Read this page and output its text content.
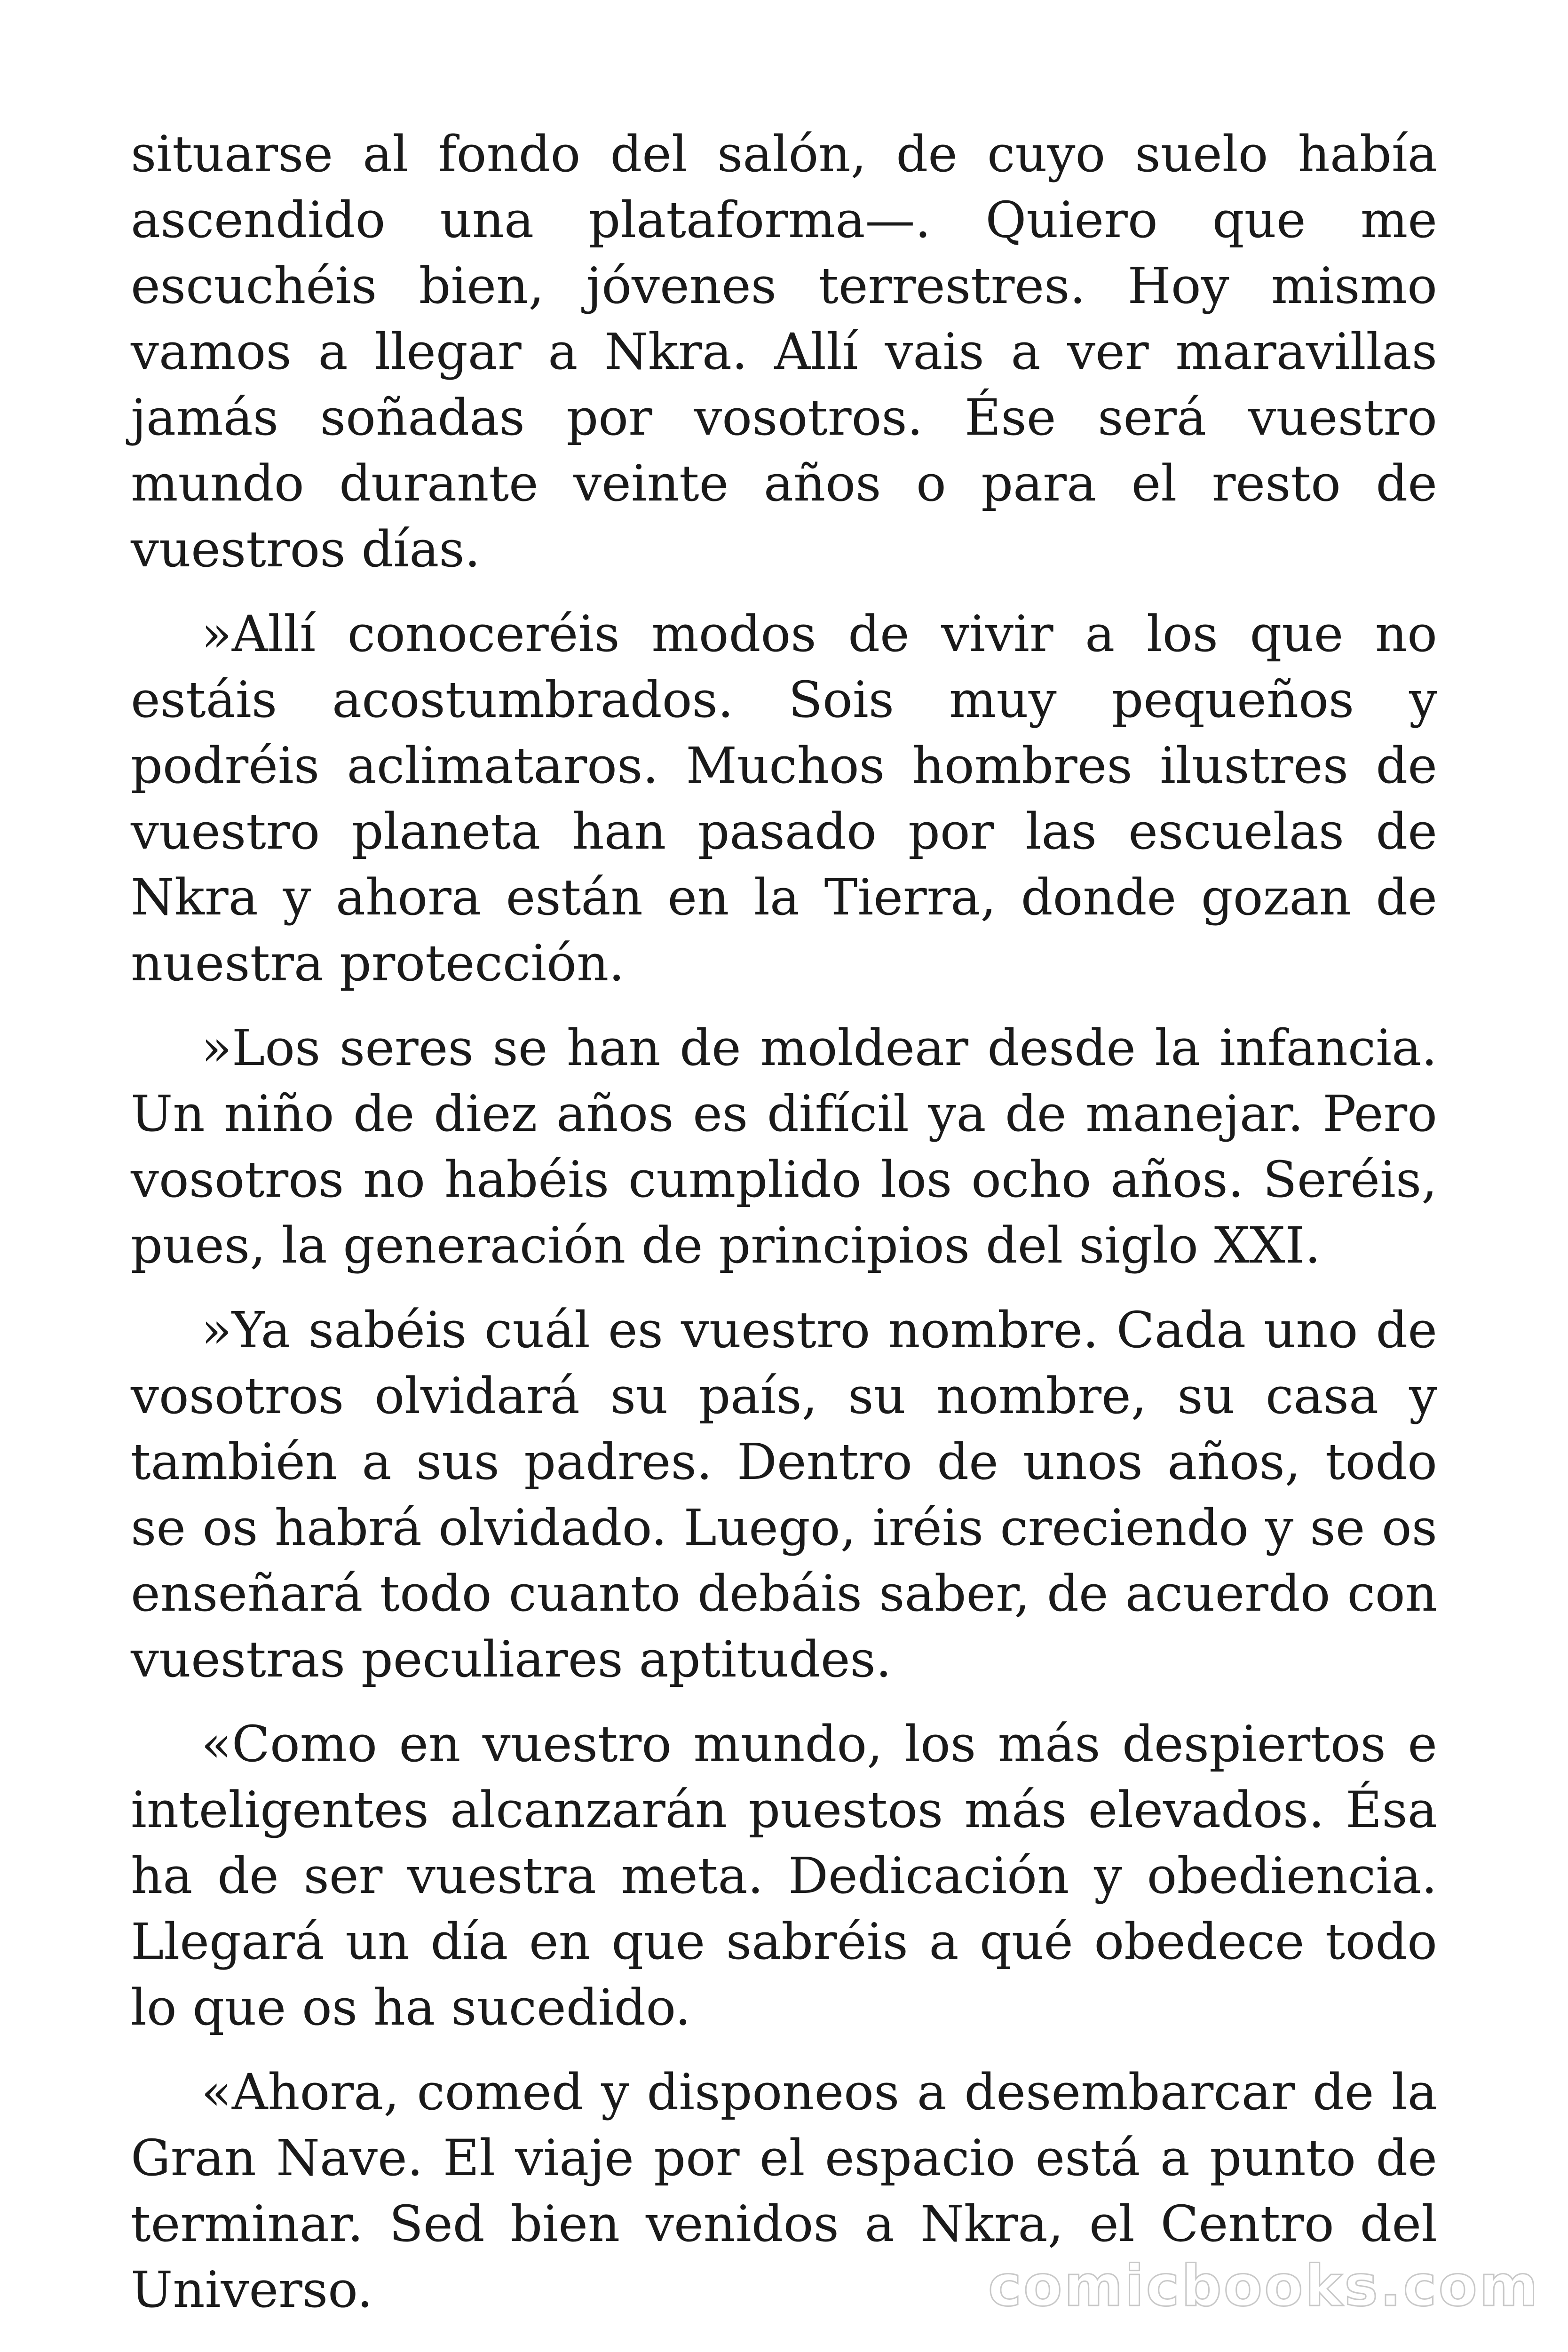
situarse al fondo del salón, de cuyo suelo había ascendido una plataforma—. Quiero que me escuchéis bien, jóvenes terrestres. Hoy mismo vamos a llegar a Nkra. Allí vais a ver maravillas jamás soñadas por vosotros. Ése será vuestro mundo durante veinte años o para el resto de vuestros días.

»Allí conoceréis modos de vivir a los que no estáis acostumbrados. Sois muy pequeños y podréis aclimataros. Muchos hombres ilustres de vuestro planeta han pasado por las escuelas de Nkra y ahora están en la Tierra, donde gozan de nuestra protección.

»Los seres se han de moldear desde la infancia. Un niño de diez años es difícil ya de manejar. Pero vosotros no habéis cumplido los ocho años. Seréis, pues, la generación de principios del siglo XXI.

»Ya sabéis cuál es vuestro nombre. Cada uno de vosotros olvidará su país, su nombre, su casa y también a sus padres. Dentro de unos años, todo se os habrá olvidado. Luego, iréis creciendo y se os enseñará todo cuanto debáis saber, de acuerdo con vuestras peculiares aptitudes.

«Como en vuestro mundo, los más despiertos e inteligentes alcanzarán puestos más elevados. Ésa ha de ser vuestra meta. Dedicación y obediencia. Llegará un día en que sabréis a qué obedece todo lo que os ha sucedido.

«Ahora, comed y disponeos a desembarcar de la Gran Nave. El viaje por el espacio está a punto de terminar. Sed bien venidos a Nkra, el Centro del Universo.	comicbooks.com
